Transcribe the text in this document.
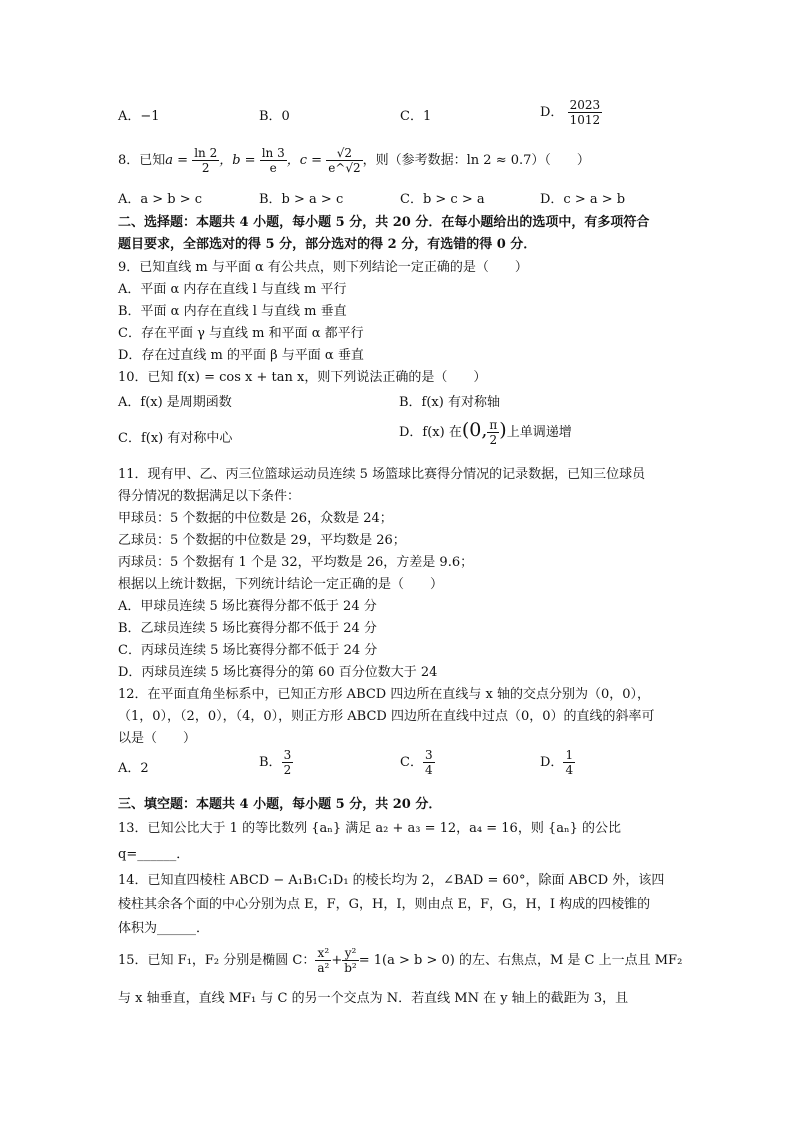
A．−1	B．0	C．1	D． $\frac{2023}{1012}$
8．已知$a = \frac{\ln 2}{2}$ ，$b = \frac{\ln 3}{e}$ ，$c = \frac{√2}{e\^{}√2}$ ，则（参考数据：ln 2 ≈ 0.7）（　　）
A．a > b > c	B．b > a > c	C．b > c > a	D．c > a > b
二、选择题：本题共 4 小题，每小题 5 分，共 20 分．在每小题给出的选项中，有多项符合
题目要求，全部选对的得 5 分，部分选对的得 2 分，有选错的得 0 分．
9．已知直线 m 与平面 α 有公共点，则下列结论一定正确的是（　　）
A．平面 α 内存在直线 l 与直线 m 平行
B．平面 α 内存在直线 l 与直线 m 垂直
C．存在平面 γ 与直线 m 和平面 α 都平行
D．存在过直线 m 的平面 β 与平面 α 垂直
10．已知 f(x) = cos x + tan x，则下列说法正确的是（　　）
A．f(x) 是周期函数	B．f(x) 有对称轴
C．f(x) 有对称中心	D．f(x) 在(0, $\frac{\pi}{2}$ )上单调递增
11．现有甲、乙、丙三位篮球运动员连续 5 场篮球比赛得分情况的记录数据，已知三位球员
得分情况的数据满足以下条件：
甲球员：5 个数据的中位数是 26，众数是 24；
乙球员：5 个数据的中位数是 29，平均数是 26；
丙球员：5 个数据有 1 个是 32，平均数是 26，方差是 9.6；
根据以上统计数据，下列统计结论一定正确的是（　　）
A．甲球员连续 5 场比赛得分都不低于 24 分
B．乙球员连续 5 场比赛得分都不低于 24 分
C．丙球员连续 5 场比赛得分都不低于 24 分
D．丙球员连续 5 场比赛得分的第 60 百分位数大于 24
12．在平面直角坐标系中，已知正方形 ABCD 四边所在直线与 x 轴的交点分别为（0，0），
（1，0），（2，0），（4，0），则正方形 ABCD 四边所在直线中过点（0，0）的直线的斜率可
以是（　　）
A．2	B． $\frac{3}{2}$	C． $\frac{3}{4}$	D． $\frac{1}{4}$
三、填空题：本题共 4 小题，每小题 5 分，共 20 分．
13．已知公比大于 1 的等比数列 {aₙ} 满足 a₂ + a₃ = 12，a₄ = 16，则 {aₙ} 的公比
q=______．
14．已知直四棱柱 ABCD − A₁B₁C₁D₁ 的棱长均为 2，∠BAD = 60°，除面 ABCD 外，该四
棱柱其余各个面的中心分别为点 E，F，G，H，I，则由点 E，F，G，H，I 构成的四棱锥的
体积为______．
15．已知 F₁，F₂ 分别是椭圆 C： $\frac{\text{x²}}{\text{a²}} + \frac{\text{y²}}{\text{b²}} = 1(a > b > 0)$ 的左、右焦点，M 是 C 上一点且 MF₂
与 x 轴垂直，直线 MF₁ 与 C 的另一个交点为 N．若直线 MN 在 y 轴上的截距为 3，且
